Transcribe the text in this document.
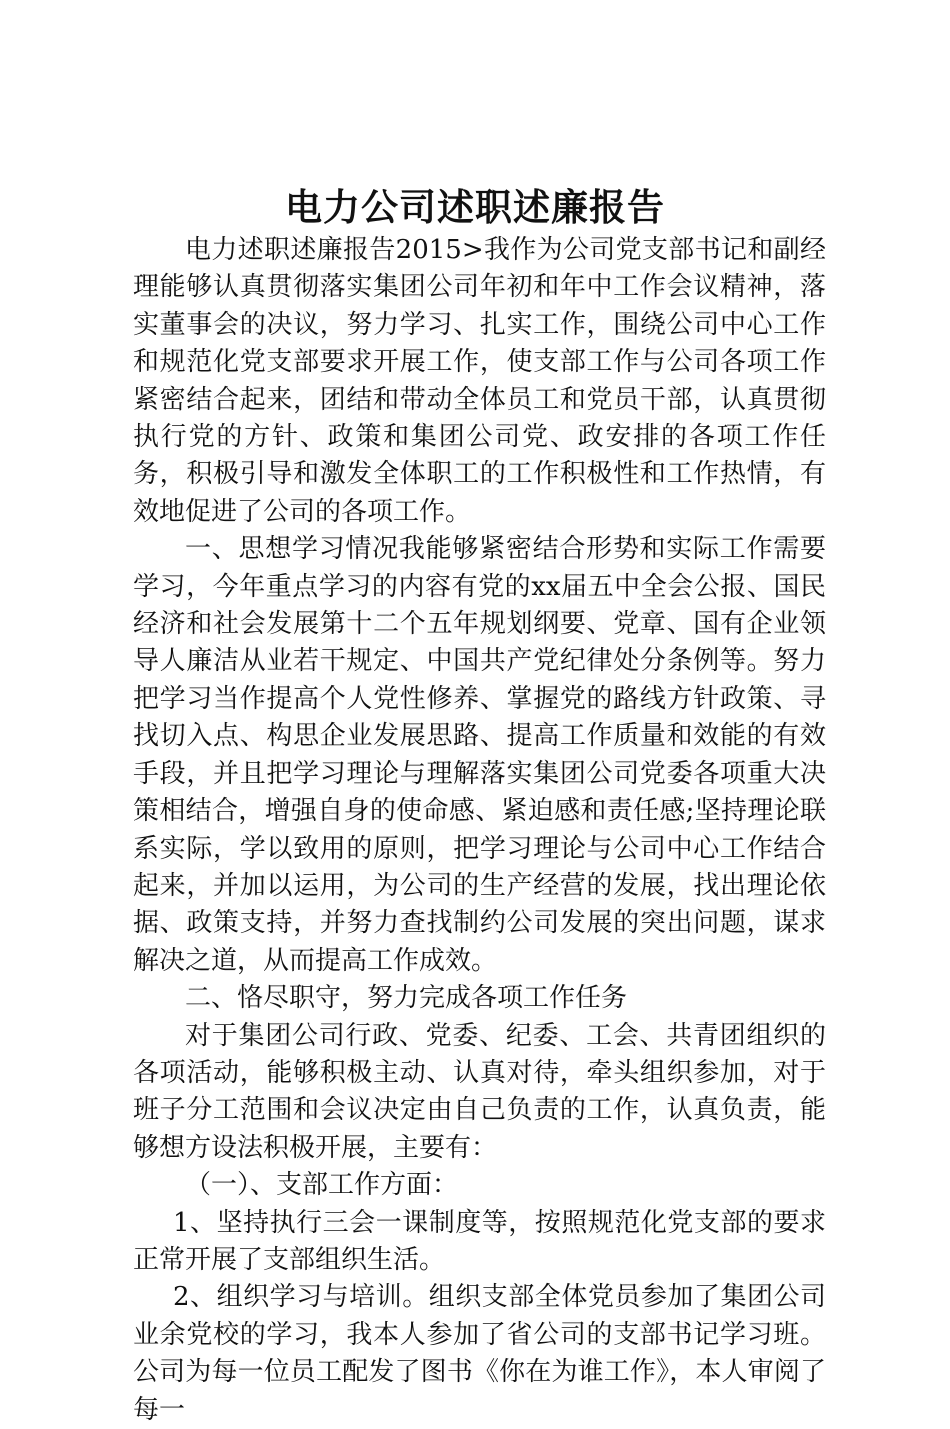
电力公司述职述廉报告

电力述职述廉报告2015>我作为公司党支部书记和副经理能够认真贯彻落实集团公司年初和年中工作会议精神，落实董事会的决议，努力学习、扎实工作，围绕公司中心工作和规范化党支部要求开展工作，使支部工作与公司各项工作紧密结合起来，团结和带动全体员工和党员干部，认真贯彻执行党的方针、政策和集团公司党、政安排的各项工作任务，积极引导和激发全体职工的工作积极性和工作热情，有效地促进了公司的各项工作。

一、思想学习情况我能够紧密结合形势和实际工作需要学习，今年重点学习的内容有党的xx届五中全会公报、国民经济和社会发展第十二个五年规划纲要、党章、国有企业领导人廉洁从业若干规定、中国共产党纪律处分条例等。努力把学习当作提高个人党性修养、掌握党的路线方针政策、寻找切入点、构思企业发展思路、提高工作质量和效能的有效手段，并且把学习理论与理解落实集团公司党委各项重大决策相结合，增强自身的使命感、紧迫感和责任感;坚持理论联系实际，学以致用的原则，把学习理论与公司中心工作结合起来，并加以运用，为公司的生产经营的发展，找出理论依据、政策支持，并努力查找制约公司发展的突出问题，谋求解决之道，从而提高工作成效。

二、恪尽职守，努力完成各项工作任务

对于集团公司行政、党委、纪委、工会、共青团组织的各项活动，能够积极主动、认真对待，牵头组织参加，对于班子分工范围和会议决定由自己负责的工作，认真负责，能够想方设法积极开展，主要有：

（一）、支部工作方面：

1、坚持执行三会一课制度等，按照规范化党支部的要求正常开展了支部组织生活。

2、组织学习与培训。组织支部全体党员参加了集团公司业余党校的学习，我本人参加了省公司的支部书记学习班。公司为每一位员工配发了图书《你在为谁工作》，本人审阅了每一
